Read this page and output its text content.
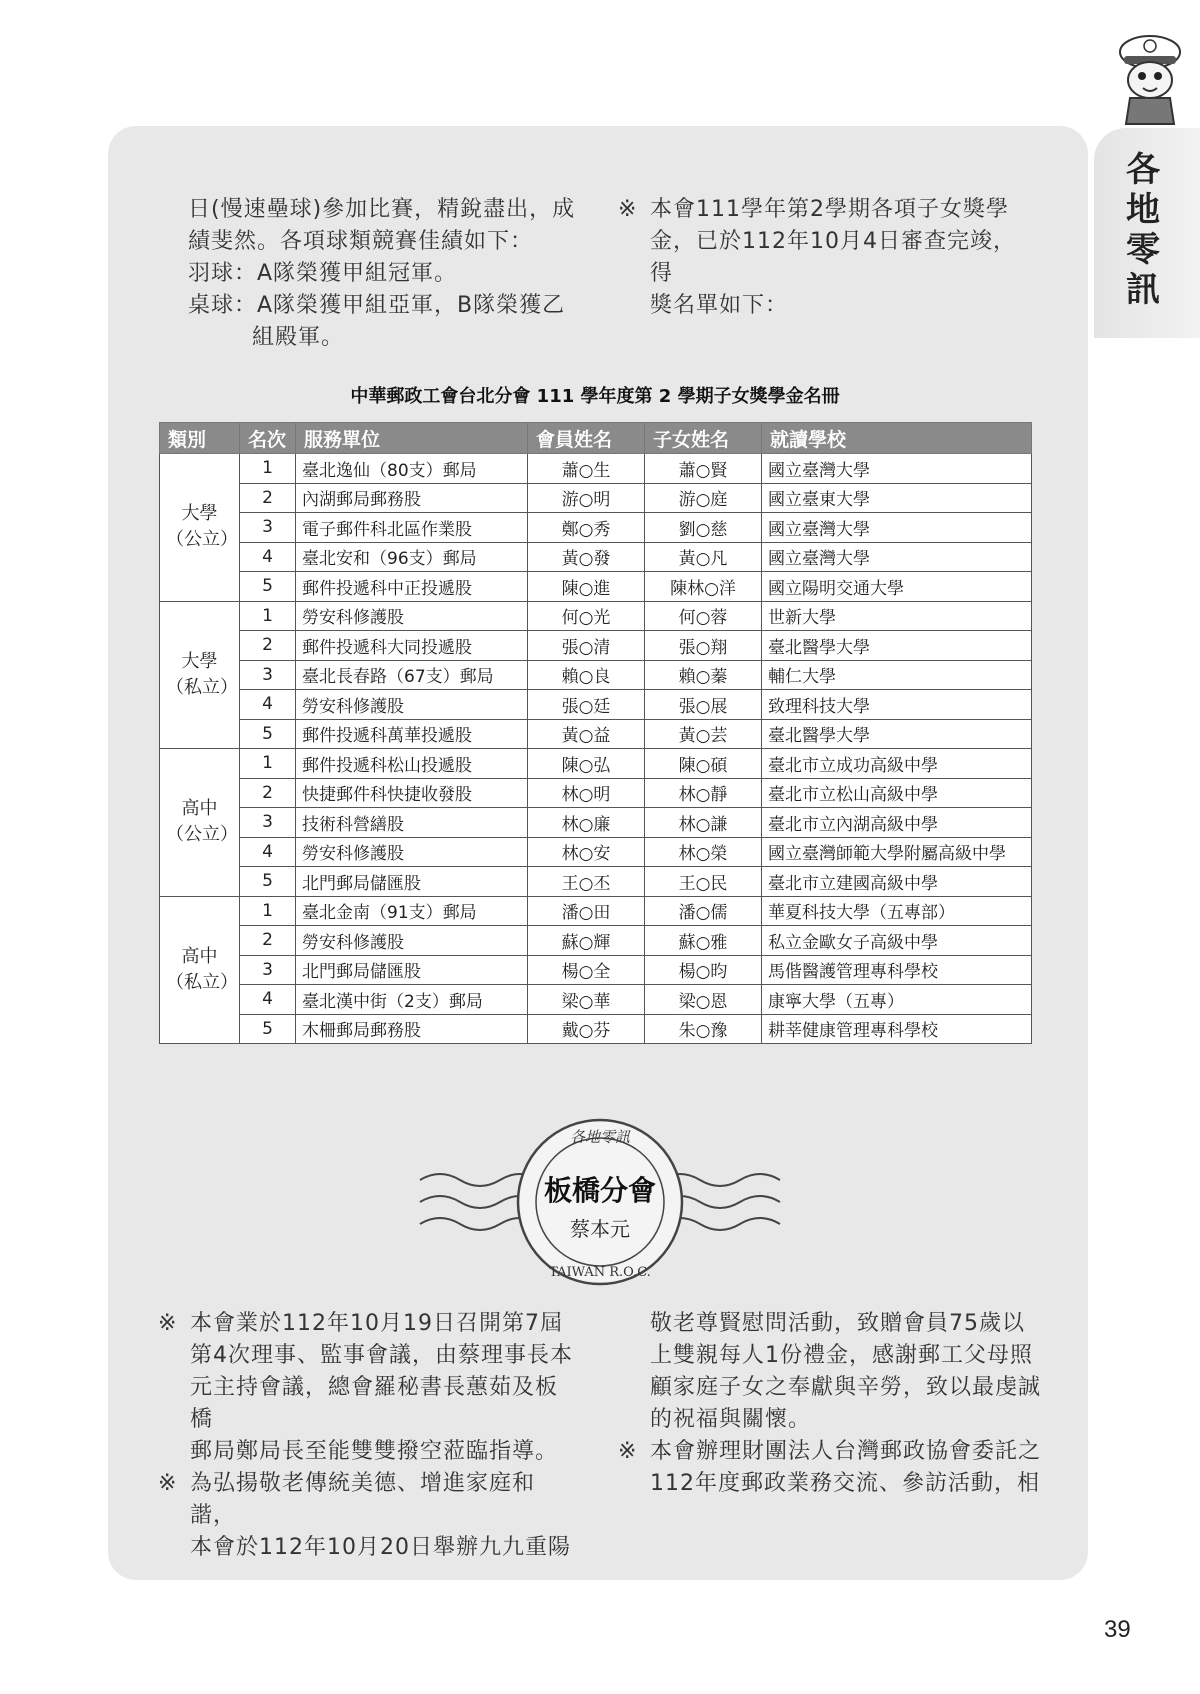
各
地
零
訊

日(慢速壘球)參加比賽，精銳盡出，成

績斐然。各項球類競賽佳績如下：

羽球：A隊榮獲甲組冠軍。

桌球：A隊榮獲甲組亞軍，B隊榮獲乙

組殿軍。

※ 本會111學年第2學期各項子女獎學

金，已於112年10月4日審查完竣，得

獎名單如下：

中華郵政工會台北分會 111 學年度第 2 學期子女獎學金名冊
類別	名次	服務單位	會員姓名	子女姓名	就讀學校

大學
（公立）	1	臺北逸仙（80支）郵局	蕭○生	蕭○賢	國立臺灣大學
	2	內湖郵局郵務股	游○明	游○庭	國立臺東大學
	3	電子郵件科北區作業股	鄭○秀	劉○慈	國立臺灣大學
	4	臺北安和（96支）郵局	黃○發	黃○凡	國立臺灣大學
	5	郵件投遞科中正投遞股	陳○進	陳林○洋	國立陽明交通大學

大學
（私立）	1	勞安科修護股	何○光	何○蓉	世新大學
	2	郵件投遞科大同投遞股	張○清	張○翔	臺北醫學大學
	3	臺北長春路（67支）郵局	賴○良	賴○蓁	輔仁大學
	4	勞安科修護股	張○廷	張○展	致理科技大學
	5	郵件投遞科萬華投遞股	黃○益	黃○芸	臺北醫學大學

高中
（公立）	1	郵件投遞科松山投遞股	陳○弘	陳○碩	臺北市立成功高級中學
	2	快捷郵件科快捷收發股	林○明	林○靜	臺北市立松山高級中學
	3	技術科營繕股	林○廉	林○謙	臺北市立內湖高級中學
	4	勞安科修護股	林○安	林○榮	國立臺灣師範大學附屬高級中學
	5	北門郵局儲匯股	王○丕	王○民	臺北市立建國高級中學

高中
（私立）	1	臺北金南（91支）郵局	潘○田	潘○儒	華夏科技大學（五專部）
	2	勞安科修護股	蘇○輝	蘇○雅	私立金歐女子高級中學
	3	北門郵局儲匯股	楊○全	楊○昀	馬偕醫護管理專科學校
	4	臺北漢中街（2支）郵局	梁○華	梁○恩	康寧大學（五專）
	5	木柵郵局郵務股	戴○芬	朱○豫	耕莘健康管理專科學校
各地零訊
板橋分會
蔡本元
TAIWAN R.O.C.
※ 本會業於112年10月19日召開第7屆

第4次理事、監事會議，由蔡理事長本

元主持會議，總會羅秘書長蕙茹及板橋

郵局鄭局長至能雙雙撥空蒞臨指導。

※ 為弘揚敬老傳統美德、增進家庭和諧，

本會於112年10月20日舉辦九九重陽

敬老尊賢慰問活動，致贈會員75歲以

上雙親每人1份禮金，感謝郵工父母照

顧家庭子女之奉獻與辛勞，致以最虔誠

的祝福與關懷。

※ 本會辦理財團法人台灣郵政協會委託之

112年度郵政業務交流、參訪活動，相

39
